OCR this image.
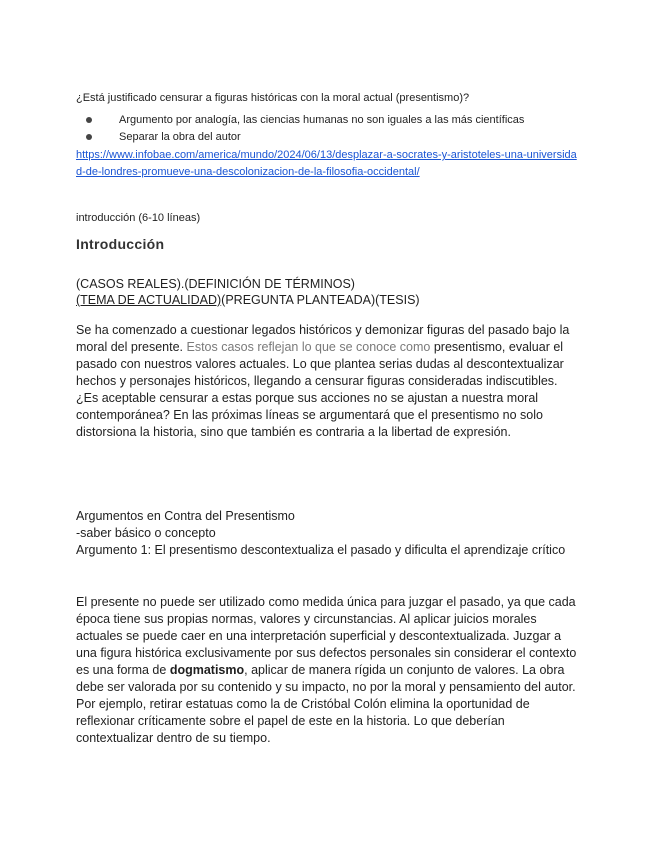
¿Está justificado censurar a figuras históricas con la moral actual (presentismo)?
Argumento por analogía, las ciencias humanas no son iguales a las más científicas
Separar la obra del autor
https://www.infobae.com/america/mundo/2024/06/13/desplazar-a-socrates-y-aristoteles-una-universidad-de-londres-promueve-una-descolonizacion-de-la-filosofia-occidental/
introducción (6-10 líneas)
Introducción
(CASOS REALES).(DEFINICIÓN DE TÉRMINOS)
(TEMA DE ACTUALIDAD)(PREGUNTA PLANTEADA)(TESIS)

Se ha comenzado a cuestionar legados históricos y demonizar figuras del pasado bajo la moral del presente. Estos casos reflejan lo que se conoce como presentismo, evaluar el pasado con nuestros valores actuales. Lo que plantea serias dudas al descontextualizar hechos y personajes históricos, llegando a censurar figuras consideradas indiscutibles. ¿Es aceptable censurar a estas porque sus acciones no se ajustan a nuestra moral contemporánea? En las próximas líneas se argumentará que el presentismo no solo distorsiona la historia, sino que también es contraria a la libertad de expresión.

Argumentos en Contra del Presentismo
-saber básico o concepto
Argumento 1: El presentismo descontextualiza el pasado y dificulta el aprendizaje crítico

El presente no puede ser utilizado como medida única para juzgar el pasado, ya que cada época tiene sus propias normas, valores y circunstancias. Al aplicar juicios morales actuales se puede caer en una interpretación superficial y descontextualizada. Juzgar a una figura histórica exclusivamente por sus defectos personales sin considerar el contexto es una forma de dogmatismo, aplicar de manera rígida un conjunto de valores. La obra debe ser valorada por su contenido y su impacto, no por la moral y pensamiento del autor. Por ejemplo, retirar estatuas como la de Cristóbal Colón elimina la oportunidad de reflexionar críticamente sobre el papel de este en la historia. Lo que deberían contextualizar dentro de su tiempo.
